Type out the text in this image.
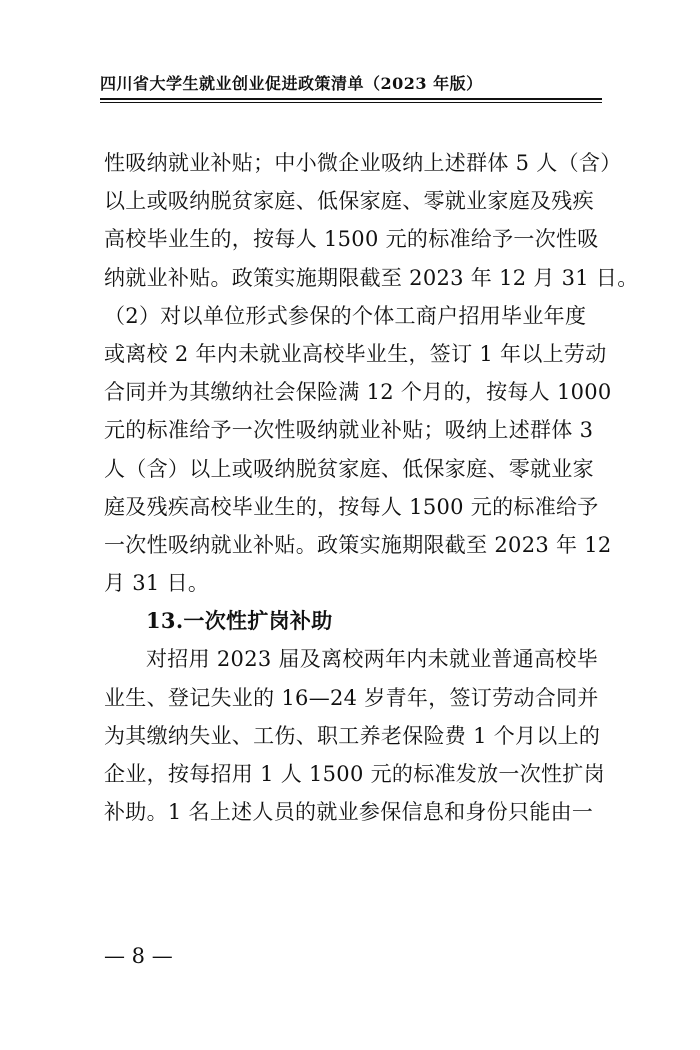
四川省大学生就业创业促进政策清单（2023 年版）
性吸纳就业补贴；中小微企业吸纳上述群体 5 人（含）
以上或吸纳脱贫家庭、低保家庭、零就业家庭及残疾
高校毕业生的，按每人 1500 元的标准给予一次性吸
纳就业补贴。政策实施期限截至 2023 年 12 月 31 日。
（2）对以单位形式参保的个体工商户招用毕业年度
或离校 2 年内未就业高校毕业生，签订 1 年以上劳动
合同并为其缴纳社会保险满 12 个月的，按每人 1000
元的标准给予一次性吸纳就业补贴；吸纳上述群体 3
人（含）以上或吸纳脱贫家庭、低保家庭、零就业家
庭及残疾高校毕业生的，按每人 1500 元的标准给予
一次性吸纳就业补贴。政策实施期限截至 2023 年 12
月 31 日。
13.一次性扩岗补助
对招用 2023 届及离校两年内未就业普通高校毕
业生、登记失业的 16—24 岁青年，签订劳动合同并
为其缴纳失业、工伤、职工养老保险费 1 个月以上的
企业，按每招用 1 人 1500 元的标准发放一次性扩岗
补助。1 名上述人员的就业参保信息和身份只能由一
— 8 —
